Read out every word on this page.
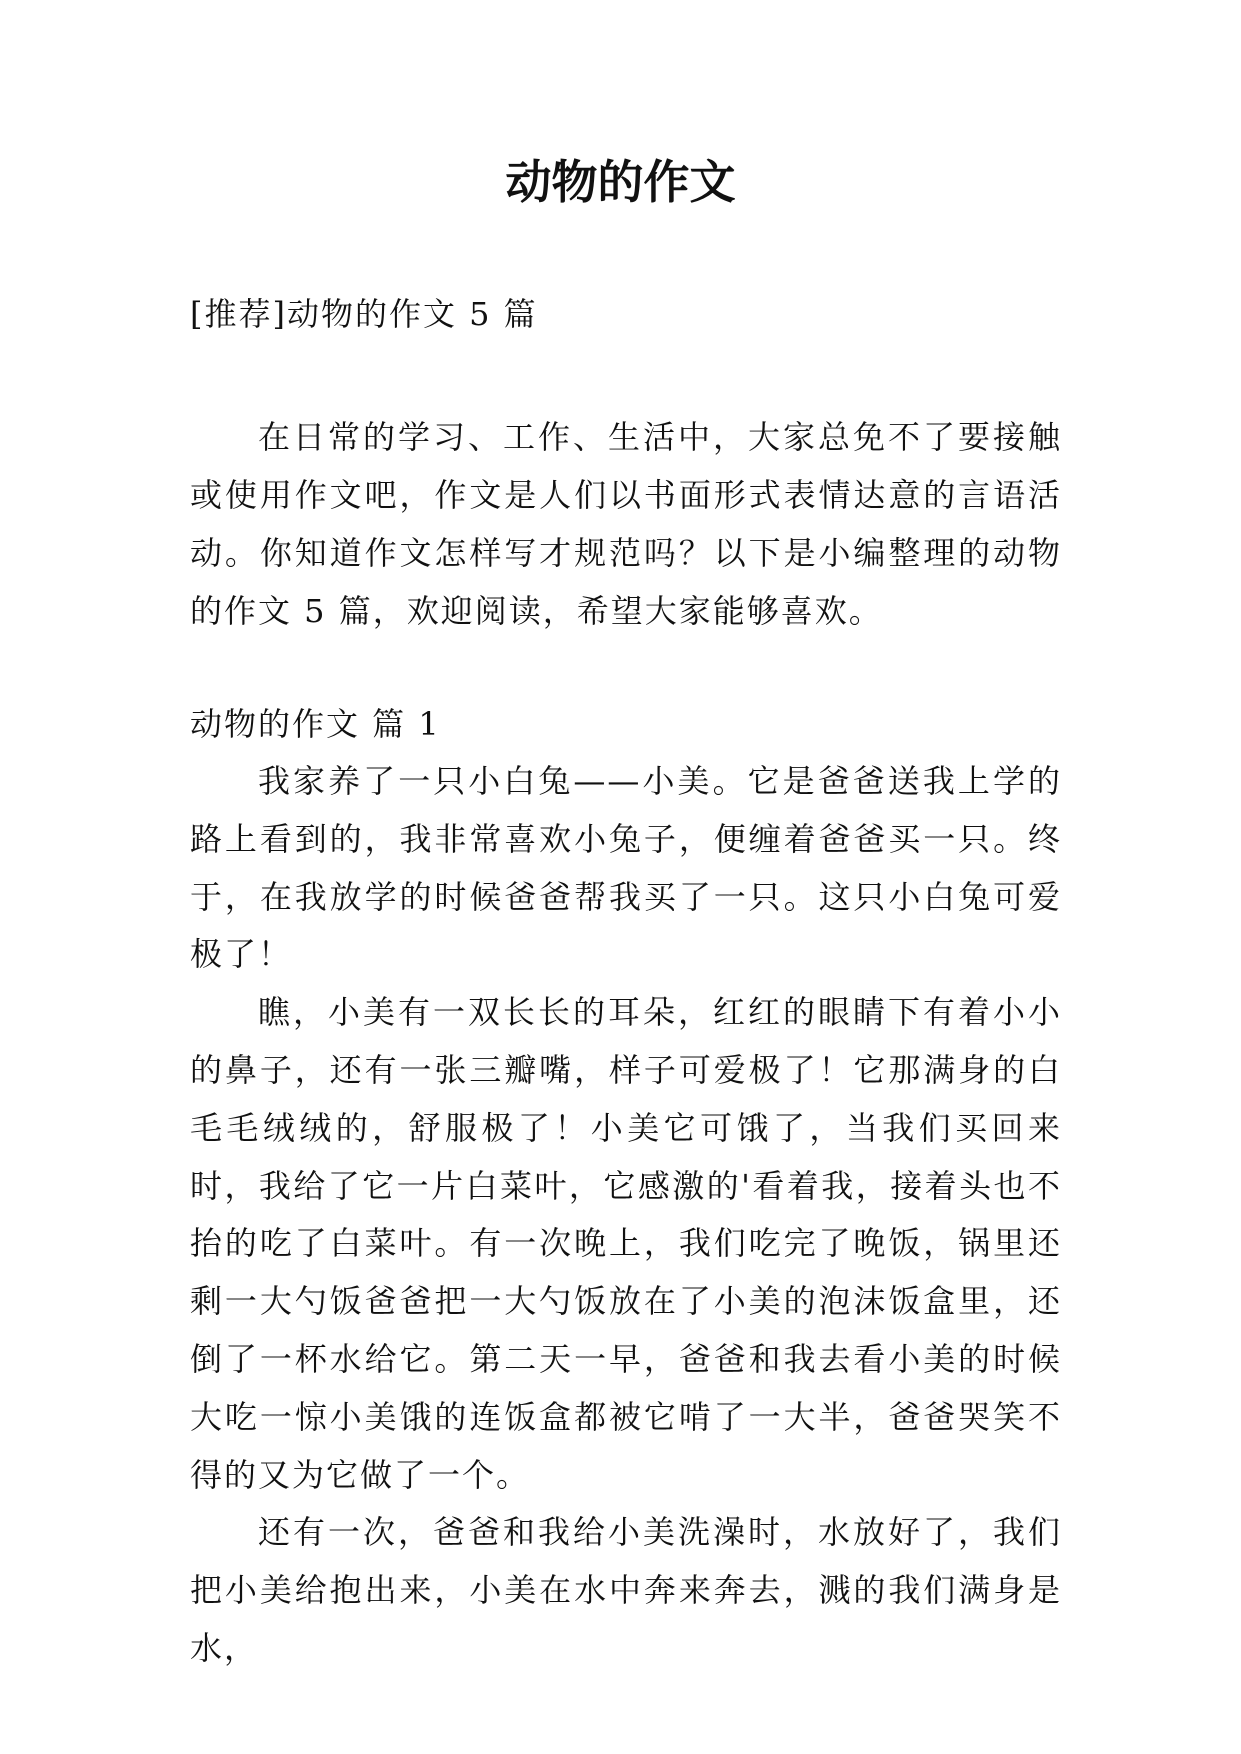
动物的作文
[推荐]动物的作文 5 篇
在日常的学习、工作、生活中，大家总免不了要接触或使用作文吧，作文是人们以书面形式表情达意的言语活动。你知道作文怎样写才规范吗？以下是小编整理的动物的作文 5 篇，欢迎阅读，希望大家能够喜欢。
动物的作文 篇 1

我家养了一只小白兔——小美。它是爸爸送我上学的路上看到的，我非常喜欢小兔子，便缠着爸爸买一只。终于，在我放学的时候爸爸帮我买了一只。这只小白兔可爱极了！

瞧，小美有一双长长的耳朵，红红的眼睛下有着小小的鼻子，还有一张三瓣嘴，样子可爱极了！它那满身的白毛毛绒绒的，舒服极了！小美它可饿了，当我们买回来时，我给了它一片白菜叶，它感激的'看着我，接着头也不抬的吃了白菜叶。有一次晚上，我们吃完了晚饭，锅里还剩一大勺饭爸爸把一大勺饭放在了小美的泡沫饭盒里，还倒了一杯水给它。第二天一早，爸爸和我去看小美的时候大吃一惊小美饿的连饭盒都被它啃了一大半，爸爸哭笑不得的又为它做了一个。

还有一次，爸爸和我给小美洗澡时，水放好了，我们把小美给抱出来，小美在水中奔来奔去，溅的我们满身是水，
